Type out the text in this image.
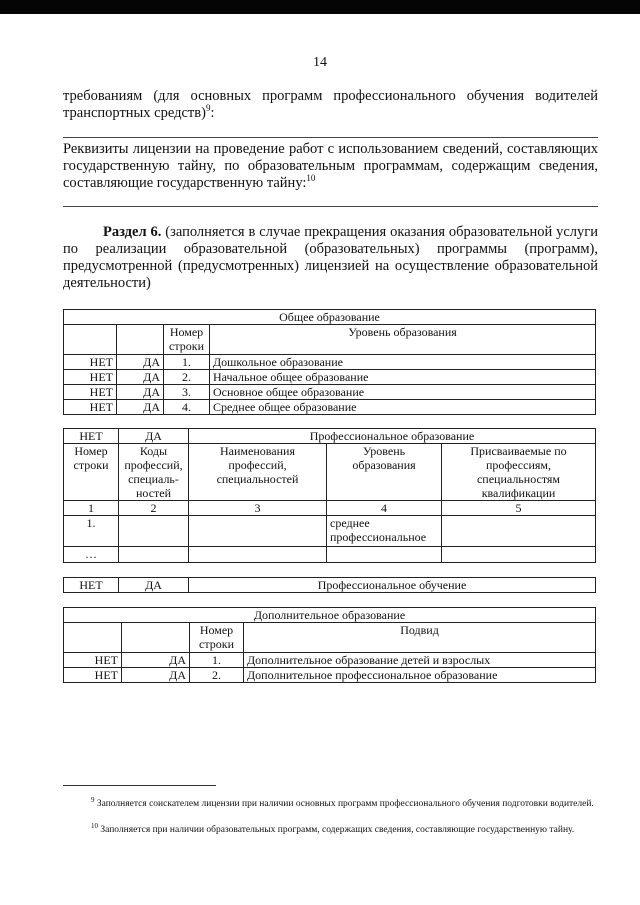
14
требованиям (для основных программ профессионального обучения водителей транспортных средств)$^9$:
Реквизиты лицензии на проведение работ с использованием сведений, составляющих государственную тайну, по образовательным программам, содержащим сведения, составляющие государственную тайну:$^{10}$
Раздел 6. (заполняется в случае прекращения оказания образовательной услуги по реализации образовательной (образовательных) программы (программ), предусмотренной (предусмотренных) лицензией на осуществление образовательной деятельности)
Общее образование			
		Номер строки	Уровень образования
НЕТ	ДА	1.	Дошкольное образование
НЕТ	ДА	2.	Начальное общее образование
НЕТ	ДА	3.	Основное общее образование
НЕТ	ДА	4.	Среднее общее образование
НЕТ	ДА	Профессиональное образование		
Номер строки	Коды профессий, специаль-ностей	Наименования профессий, специальностей	Уровень образования	Присваиваемые по профессиям, специальностям квалификации
1	2	3	4	5
1.			среднее профессиональное	
…				
НЕТ	ДА	Профессиональное обучение
Дополнительное образование			
		Номер строки	Подвид
НЕТ	ДА	1.	Дополнительное образование детей и взрослых
НЕТ	ДА	2.	Дополнительное профессиональное образование
$^9$ Заполняется соискателем лицензии при наличии основных программ профессионального обучения подготовки водителей.
$^{10}$ Заполняется при наличии образовательных программ, содержащих сведения, составляющие государственную тайну.
